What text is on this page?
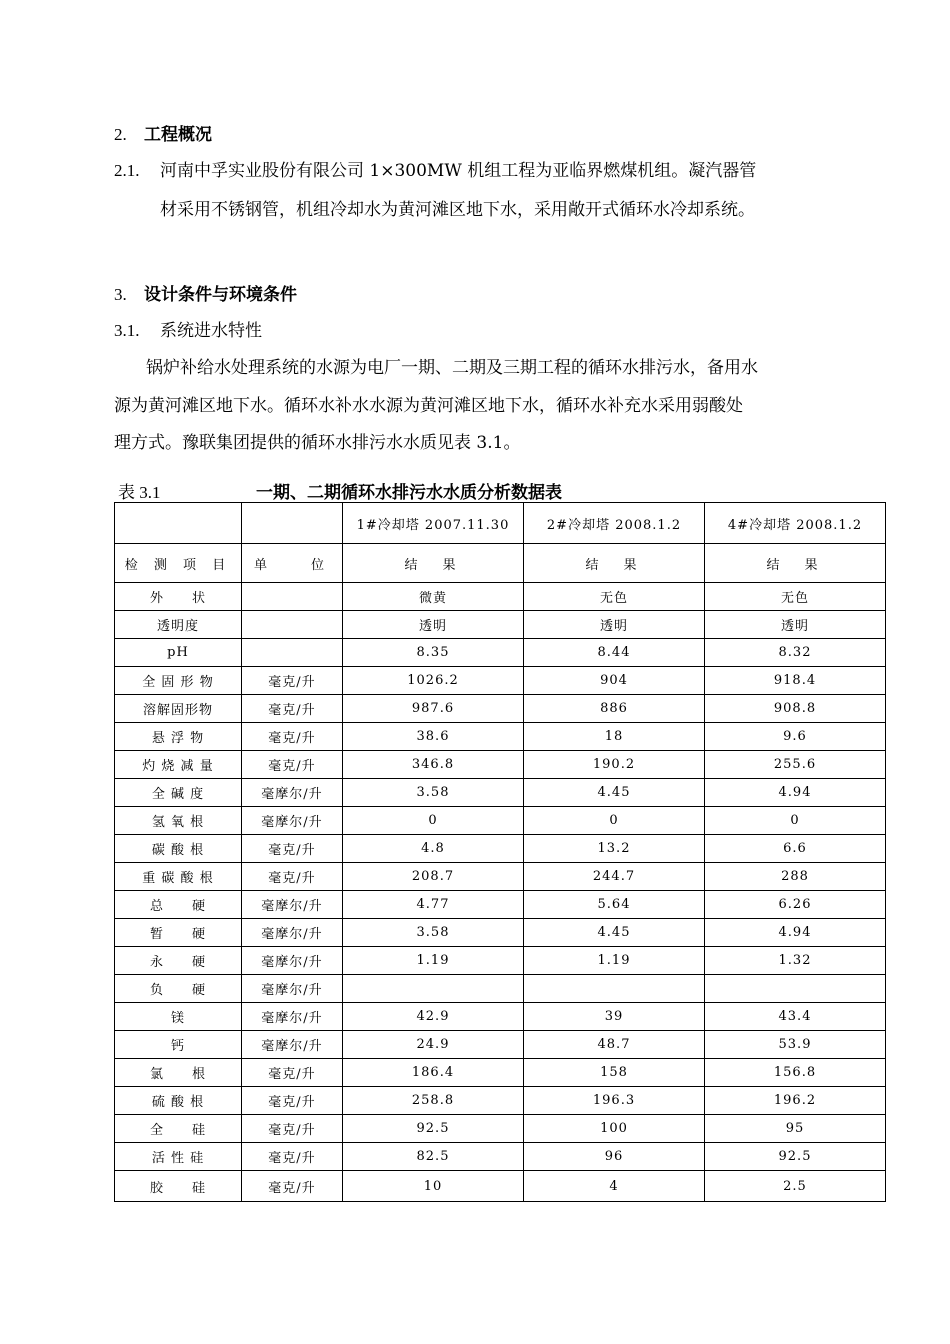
2. 工程概况
2.1. 河南中孚实业股份有限公司 1×300MW 机组工程为亚临界燃煤机组。凝汽器管
材采用不锈钢管，机组冷却水为黄河滩区地下水，采用敞开式循环水冷却系统。
3. 设计条件与环境条件
3.1. 系统进水特性
锅炉补给水处理系统的水源为电厂一期、二期及三期工程的循环水排污水，备用水
源为黄河滩区地下水。循环水补水水源为黄河滩区地下水，循环水补充水采用弱酸处
理方式。豫联集团提供的循环水排污水水质见表 3.1。
表 3.1	一期、二期循环水排污水水质分析数据表
		1#冷却塔 2007.11.30	2#冷却塔 2008.1.2	4#冷却塔 2008.1.2
检 测 项 目	单　　位	结　果	结　果	结　果
外　　状		微黄	无色	无色
透明度		透明	透明	透明
pH		8.35	8.44	8.32
全 固 形 物	毫克/升	1026.2	904	918.4
溶解固形物	毫克/升	987.6	886	908.8
悬 浮 物	毫克/升	38.6	18	9.6
灼 烧 减 量	毫克/升	346.8	190.2	255.6
全 碱 度	毫摩尔/升	3.58	4.45	4.94
氢 氧 根	毫摩尔/升	0	0	0
碳 酸 根	毫克/升	4.8	13.2	6.6
重 碳 酸 根	毫克/升	208.7	244.7	288
总　　硬	毫摩尔/升	4.77	5.64	6.26
暂　　硬	毫摩尔/升	3.58	4.45	4.94
永　　硬	毫摩尔/升	1.19	1.19	1.32
负　　硬	毫摩尔/升			
镁	毫摩尔/升	42.9	39	43.4
钙	毫摩尔/升	24.9	48.7	53.9
氯　　根	毫克/升	186.4	158	156.8
硫 酸 根	毫克/升	258.8	196.3	196.2
全　　硅	毫克/升	92.5	100	95
活 性 硅	毫克/升	82.5	96	92.5
胶　　硅	毫克/升	10	4	2.5
